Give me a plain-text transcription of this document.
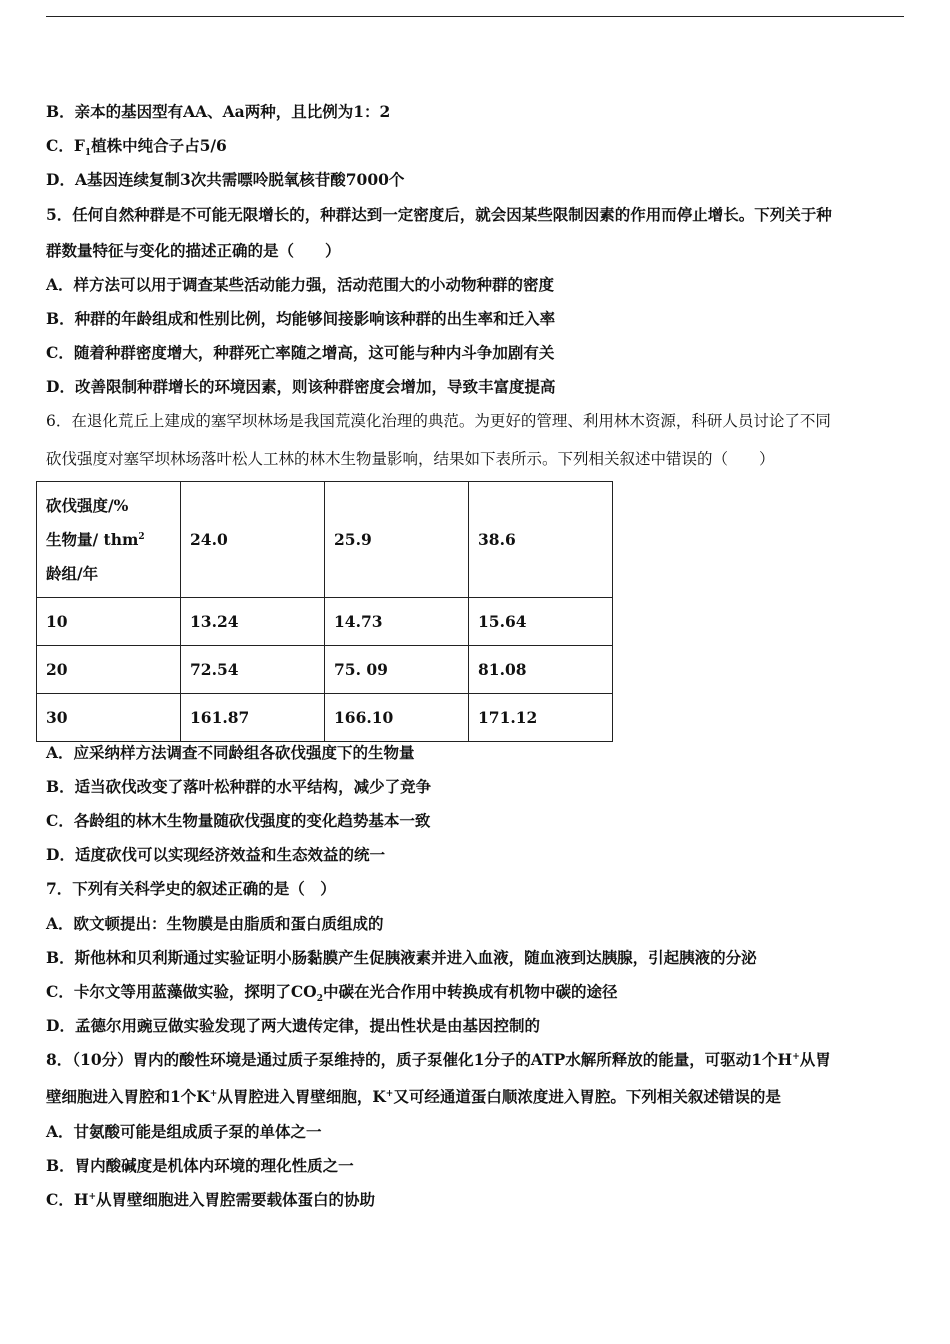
B．亲本的基因型有AA、Aa两种，且比例为1：2
C．$F_1$植株中纯合子占5/6
D．A基因连续复制3次共需嘌呤脱氧核苷酸7000个
5．任何自然种群是不可能无限增长的，种群达到一定密度后，就会因某些限制因素的作用而停止增长。下列关于种
群数量特征与变化的描述正确的是（　　）
A．样方法可以用于调查某些活动能力强，活动范围大的小动物种群的密度
B．种群的年龄组成和性别比例，均能够间接影响该种群的出生率和迁入率
C．随着种群密度增大，种群死亡率随之增高，这可能与种内斗争加剧有关
D．改善限制种群增长的环境因素，则该种群密度会增加，导致丰富度提高
6．在退化荒丘上建成的塞罕坝林场是我国荒漠化治理的典范。为更好的管理、利用林木资源，科研人员讨论了不同
砍伐强度对塞罕坝林场落叶松人工林的林木生物量影响，结果如下表所示。下列相关叙述中错误的（　　）
砍伐强度/%
生物量/ thm$^2$
龄组/年	24.0	25.9	38.6
10	13.24	14.73	15.64
20	72.54	75. 09	81.08
30	161.87	166.10	171.12
A．应采纳样方法调查不同龄组各砍伐强度下的生物量
B．适当砍伐改变了落叶松种群的水平结构，减少了竞争
C．各龄组的林木生物量随砍伐强度的变化趋势基本一致
D．适度砍伐可以实现经济效益和生态效益的统一
7．下列有关科学史的叙述正确的是（　）
A．欧文顿提出：生物膜是由脂质和蛋白质组成的
B．斯他林和贝利斯通过实验证明小肠黏膜产生促胰液素并进入血液，随血液到达胰腺，引起胰液的分泌
C．卡尔文等用蓝藻做实验，探明了$CO_2$中碳在光合作用中转换成有机物中碳的途径
D．孟德尔用豌豆做实验发现了两大遗传定律，提出性状是由基因控制的
8．（10分）胃内的酸性环境是通过质子泵维持的，质子泵催化1分子的ATP水解所释放的能量，可驱动1个H+从胃
壁细胞进入胃腔和1个K+从胃腔进入胃壁细胞，K+又可经通道蛋白顺浓度进入胃腔。下列相关叙述错误的是
A．甘氨酸可能是组成质子泵的单体之一
B．胃内酸碱度是机体内环境的理化性质之一
C．H+从胃壁细胞进入胃腔需要载体蛋白的协助
